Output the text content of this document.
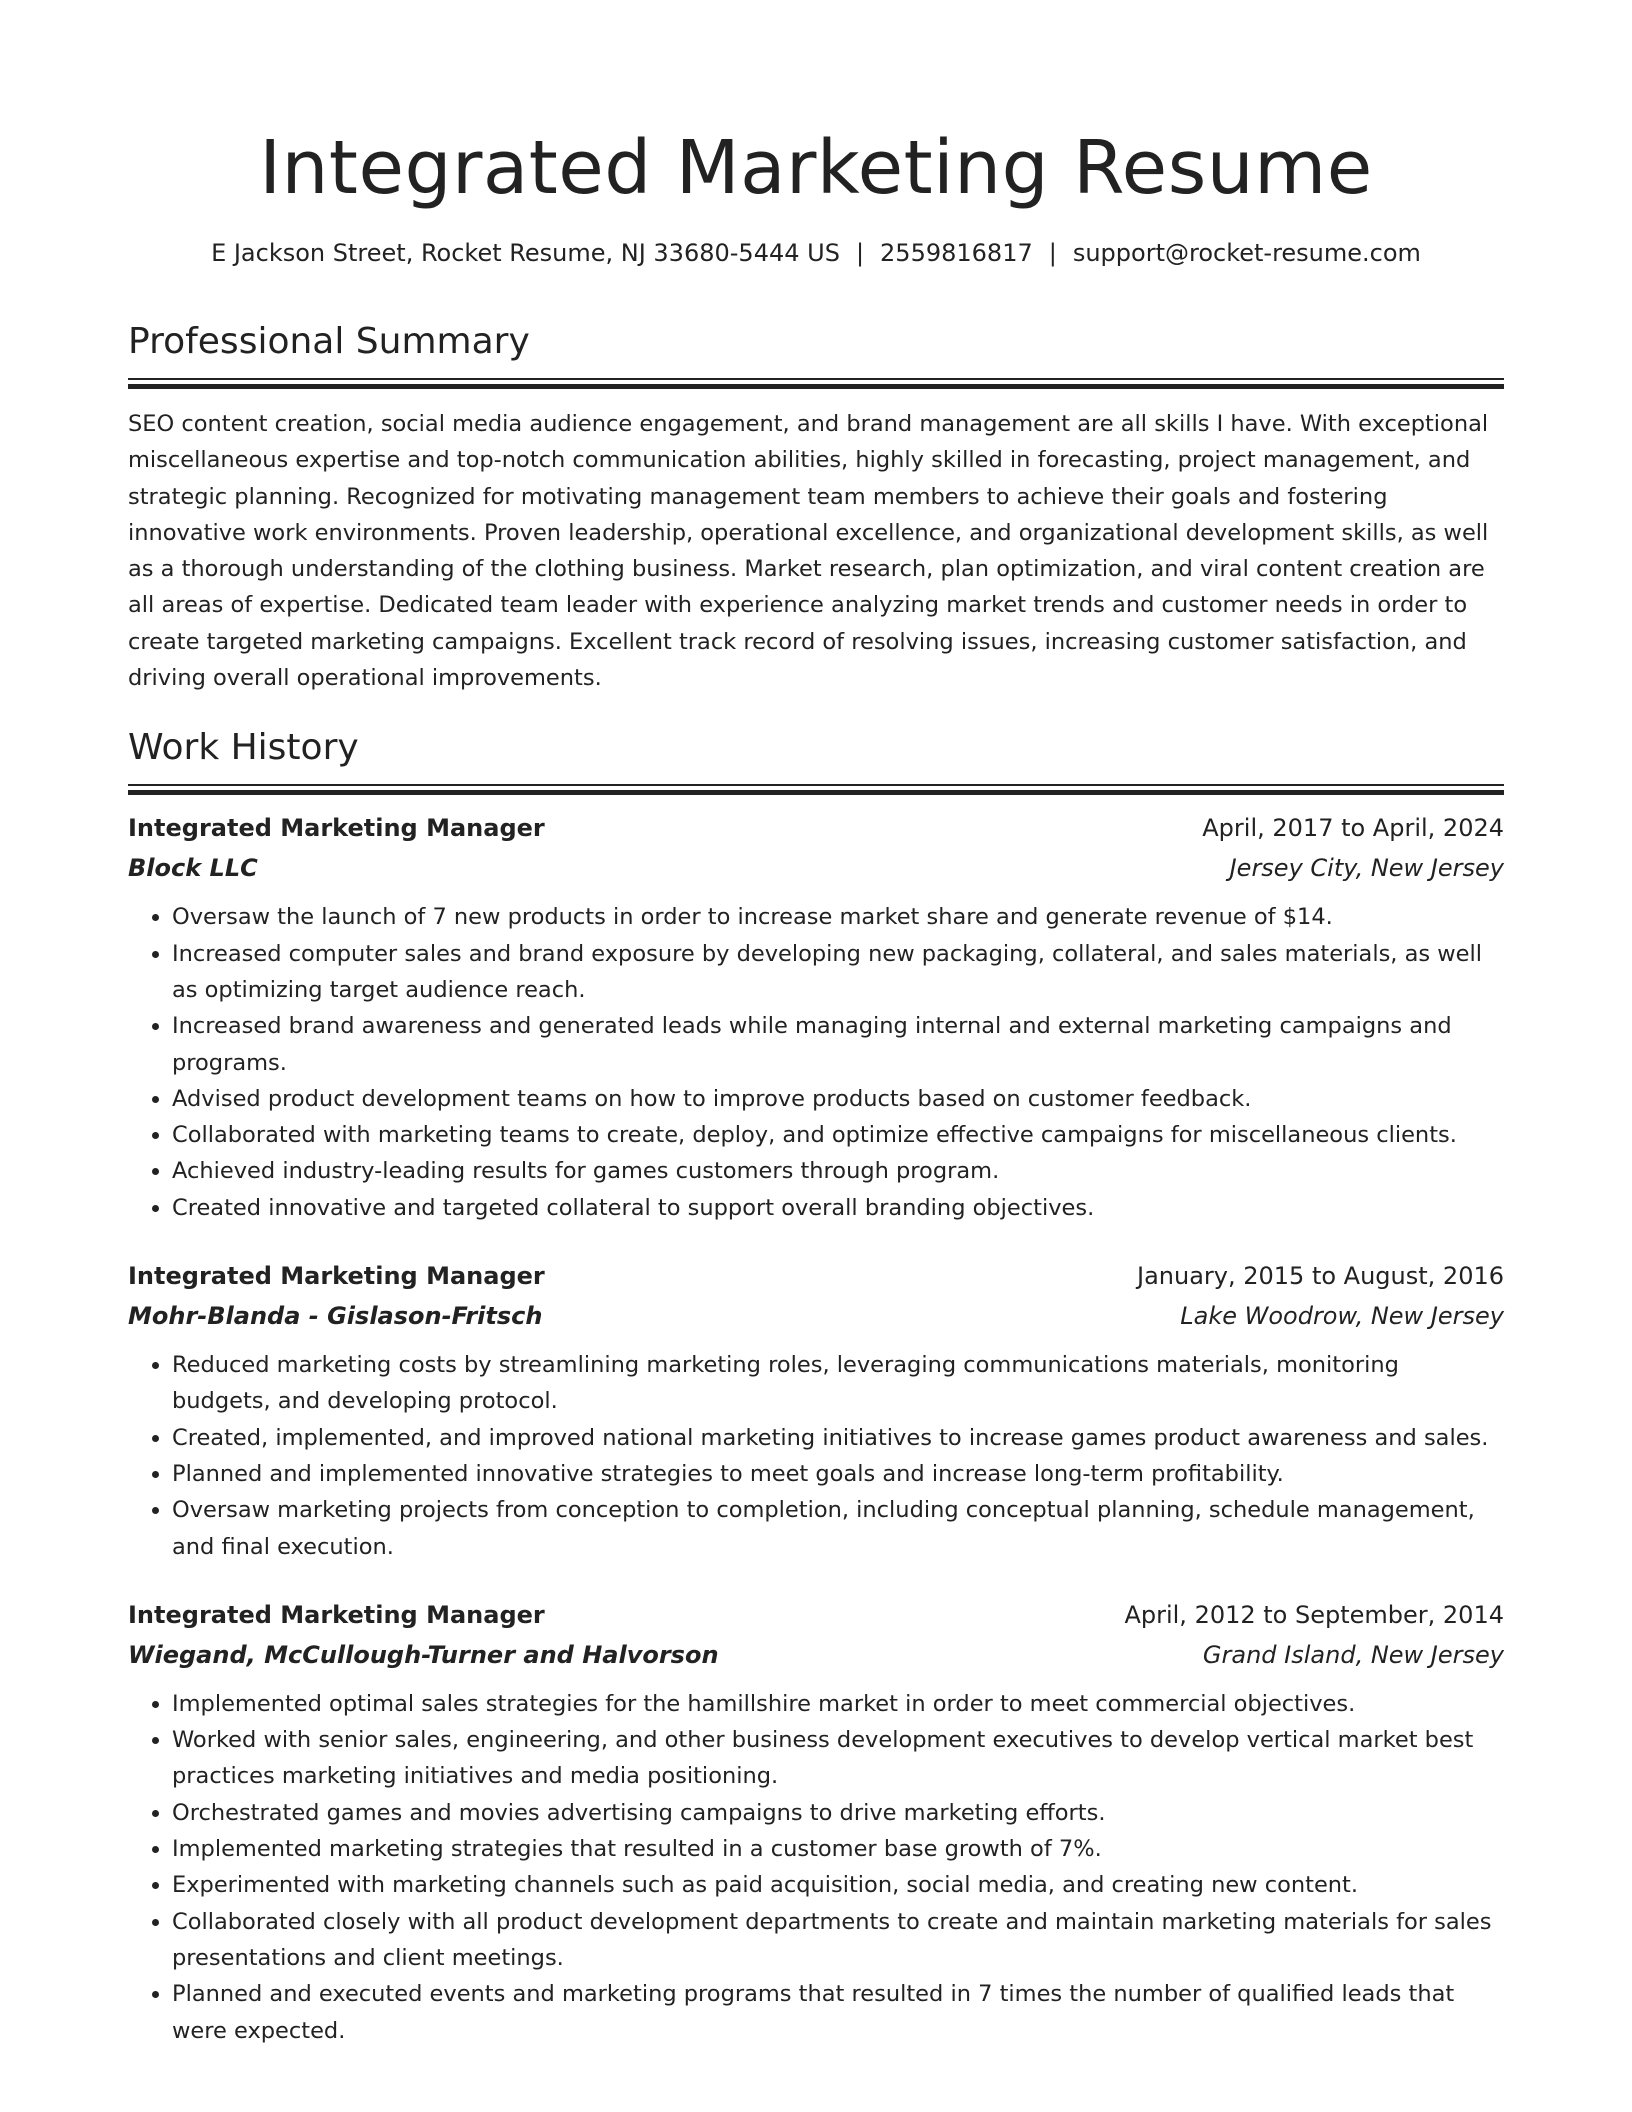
Integrated Marketing Resume
E Jackson Street, Rocket Resume, NJ 33680-5444 US | 2559816817 | support@rocket-resume.com
Professional Summary

SEO content creation, social media audience engagement, and brand management are all skills I have. With exceptional miscellaneous expertise and top-notch communication abilities, highly skilled in forecasting, project management, and strategic planning. Recognized for motivating management team members to achieve their goals and fostering innovative work environments. Proven leadership, operational excellence, and organizational development skills, as well as a thorough understanding of the clothing business. Market research, plan optimization, and viral content creation are all areas of expertise. Dedicated team leader with experience analyzing market trends and customer needs in order to create targeted marketing campaigns. Excellent track record of resolving issues, increasing customer satisfaction, and driving overall operational improvements.

Work History
Integrated Marketing Manager	April, 2017 to April, 2024
Block LLC	Jersey City, New Jersey
• Oversaw the launch of 7 new products in order to increase market share and generate revenue of $14.
• Increased computer sales and brand exposure by developing new packaging, collateral, and sales materials, as well as optimizing target audience reach.
• Increased brand awareness and generated leads while managing internal and external marketing campaigns and programs.
• Advised product development teams on how to improve products based on customer feedback.
• Collaborated with marketing teams to create, deploy, and optimize effective campaigns for miscellaneous clients.
• Achieved industry-leading results for games customers through program.
• Created innovative and targeted collateral to support overall branding objectives.
Integrated Marketing Manager	January, 2015 to August, 2016
Mohr-Blanda - Gislason-Fritsch	Lake Woodrow, New Jersey
• Reduced marketing costs by streamlining marketing roles, leveraging communications materials, monitoring budgets, and developing protocol.
• Created, implemented, and improved national marketing initiatives to increase games product awareness and sales.
• Planned and implemented innovative strategies to meet goals and increase long-term profitability.
• Oversaw marketing projects from conception to completion, including conceptual planning, schedule management, and final execution.
Integrated Marketing Manager	April, 2012 to September, 2014
Wiegand, McCullough-Turner and Halvorson	Grand Island, New Jersey
• Implemented optimal sales strategies for the hamillshire market in order to meet commercial objectives.
• Worked with senior sales, engineering, and other business development executives to develop vertical market best practices marketing initiatives and media positioning.
• Orchestrated games and movies advertising campaigns to drive marketing efforts.
• Implemented marketing strategies that resulted in a customer base growth of 7%.
• Experimented with marketing channels such as paid acquisition, social media, and creating new content.
• Collaborated closely with all product development departments to create and maintain marketing materials for sales presentations and client meetings.
• Planned and executed events and marketing programs that resulted in 7 times the number of qualified leads that were expected.
